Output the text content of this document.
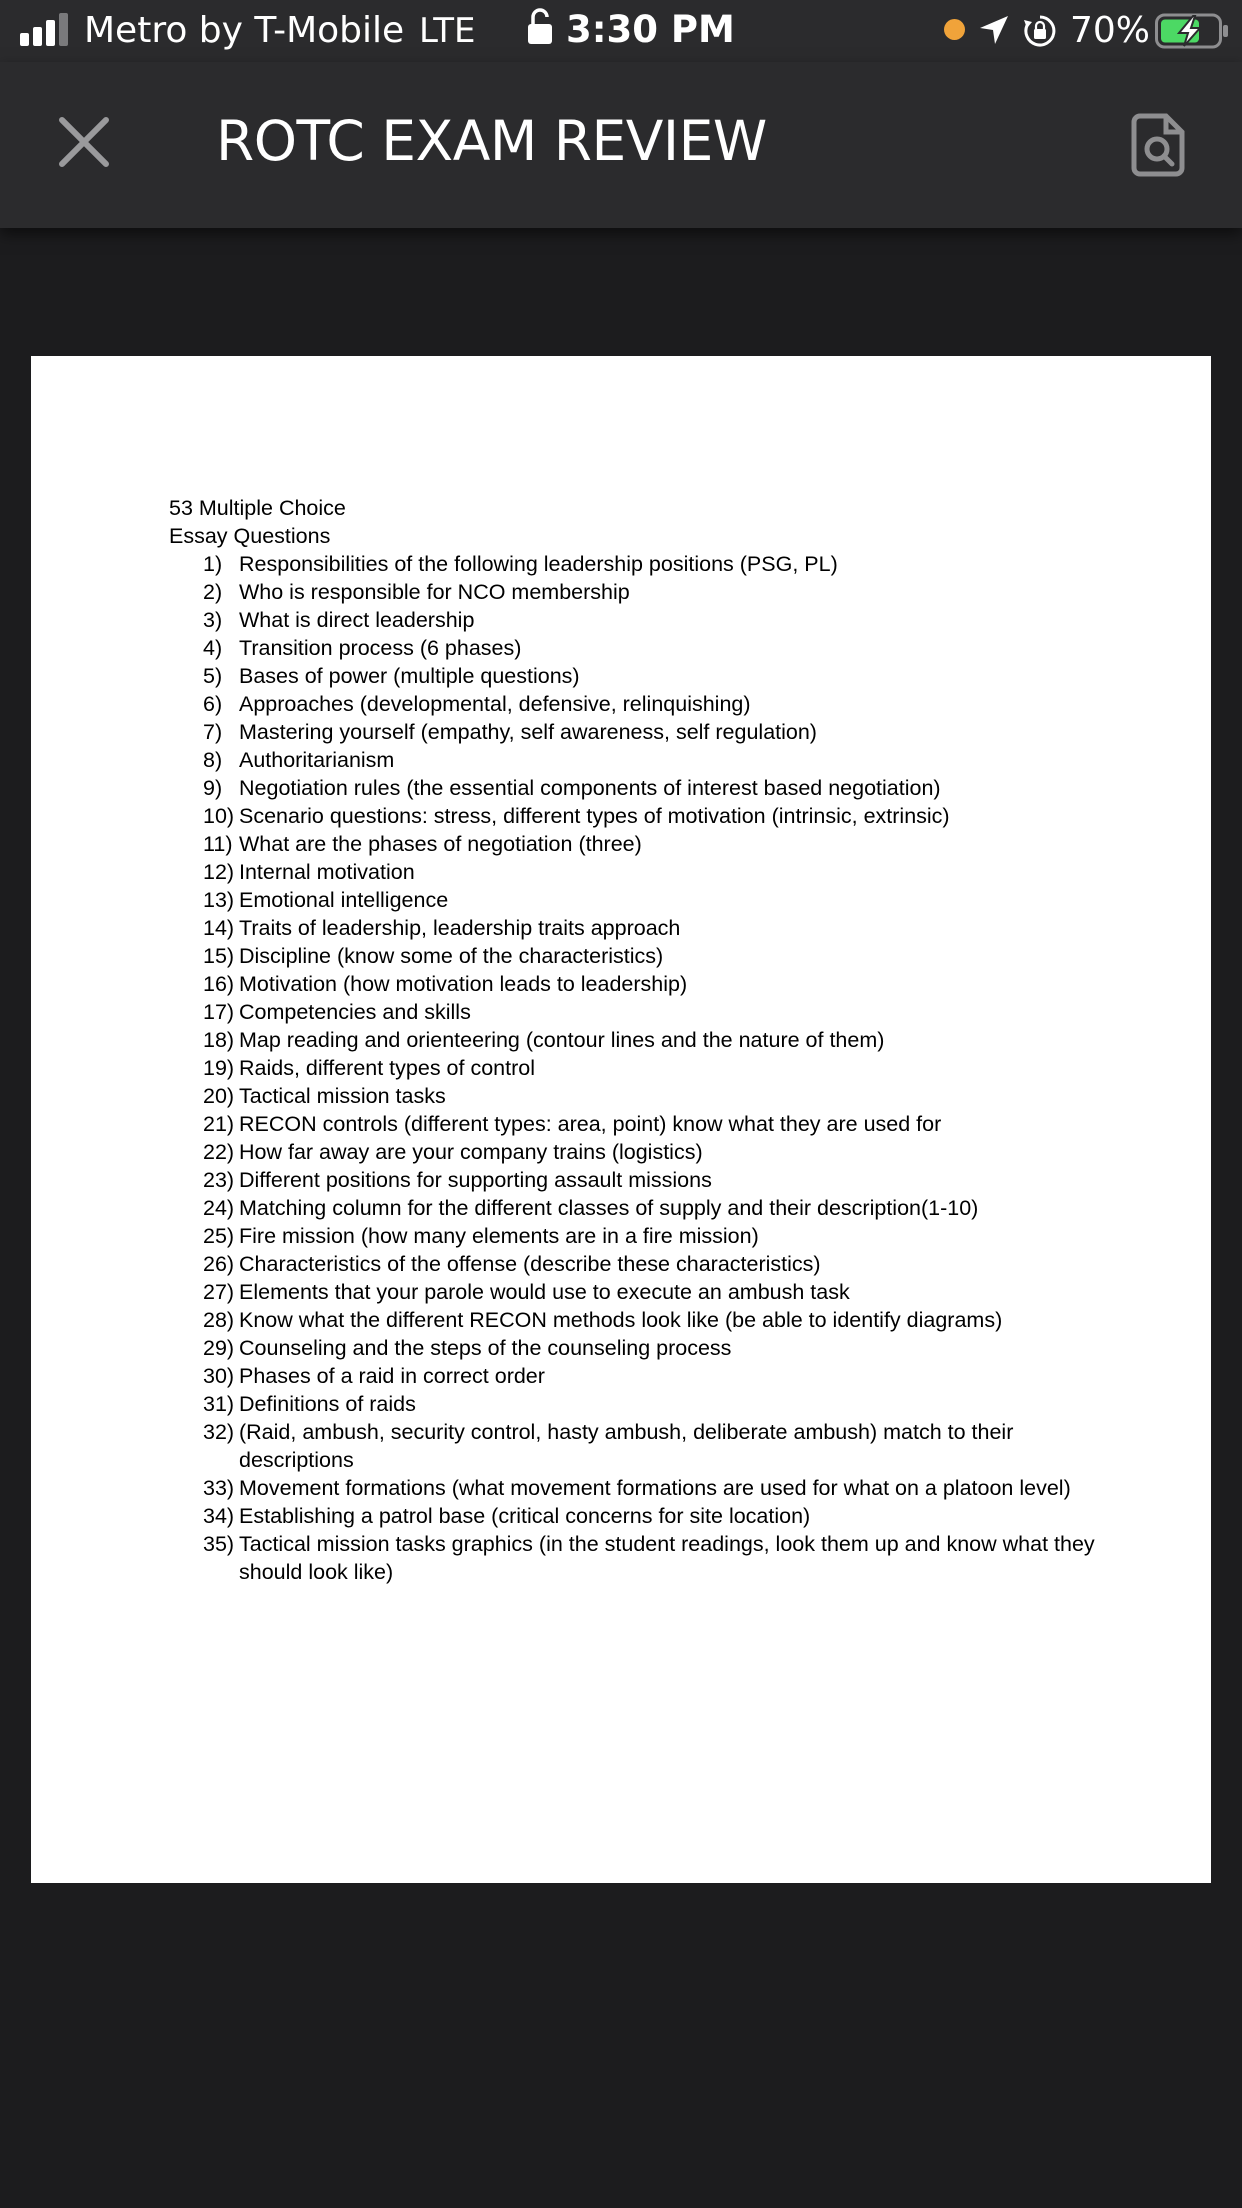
Metro by T-Mobile LTE 3:30 PM	70%
ROTC EXAM REVIEW

53 Multiple Choice

Essay Questions

1) Responsibilities of the following leadership positions (PSG, PL)
2) Who is responsible for NCO membership
3) What is direct leadership
4) Transition process (6 phases)
5) Bases of power (multiple questions)
6) Approaches (developmental, defensive, relinquishing)
7) Mastering yourself (empathy, self awareness, self regulation)
8) Authoritarianism
9) Negotiation rules (the essential components of interest based negotiation)
10) Scenario questions: stress, different types of motivation (intrinsic, extrinsic)
11) What are the phases of negotiation (three)
12) Internal motivation
13) Emotional intelligence
14) Traits of leadership, leadership traits approach
15) Discipline (know some of the characteristics)
16) Motivation (how motivation leads to leadership)
17) Competencies and skills
18) Map reading and orienteering (contour lines and the nature of them)
19) Raids, different types of control
20) Tactical mission tasks
21) RECON controls (different types: area, point) know what they are used for
22) How far away are your company trains (logistics)
23) Different positions for supporting assault missions
24) Matching column for the different classes of supply and their description(1-10)
25) Fire mission (how many elements are in a fire mission)
26) Characteristics of the offense (describe these characteristics)
27) Elements that your parole would use to execute an ambush task
28) Know what the different RECON methods look like (be able to identify diagrams)
29) Counseling and the steps of the counseling process
30) Phases of a raid in correct order
31) Definitions of raids
32) (Raid, ambush, security control, hasty ambush, deliberate ambush) match to their descriptions
33) Movement formations (what movement formations are used for what on a platoon level)
34) Establishing a patrol base (critical concerns for site location)
35) Tactical mission tasks graphics (in the student readings, look them up and know what they should look like)
